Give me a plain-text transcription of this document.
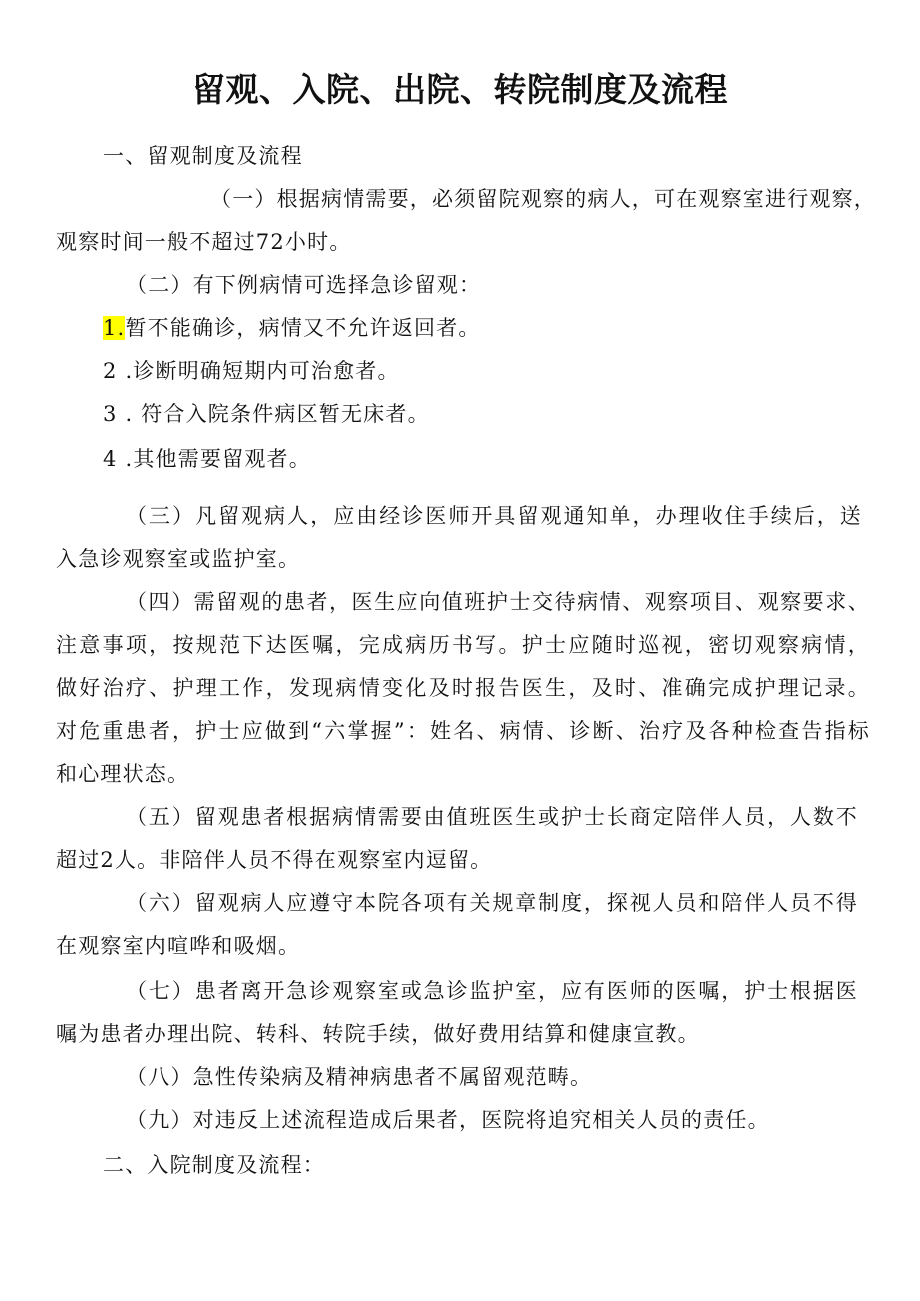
留观、入院、出院、转院制度及流程

一、留观制度及流程

（一）根据病情需要，必须留院观察的病人，可在观察室进行观察，

观察时间一般不超过72小时。

（二）有下例病情可选择急诊留观：

1.暂不能确诊，病情又不允许返回者。

2 .诊断明确短期内可治愈者。

3 . 符合入院条件病区暂无床者。

4 .其他需要留观者。

（三）凡留观病人，应由经诊医师开具留观通知单，办理收住手续后，送

入急诊观察室或监护室。

（四）需留观的患者，医生应向值班护士交待病情、观察项目、观察要求、

注意事项，按规范下达医嘱，完成病历书写。护士应随时巡视，密切观察病情，

做好治疗、护理工作，发现病情变化及时报告医生，及时、准确完成护理记录。

对危重患者，护士应做到“六掌握”：姓名、病情、诊断、治疗及各种检查告指标

和心理状态。

（五）留观患者根据病情需要由值班医生或护士长商定陪伴人员，人数不

超过2人。非陪伴人员不得在观察室内逗留。

（六）留观病人应遵守本院各项有关规章制度，探视人员和陪伴人员不得

在观察室内喧哗和吸烟。

（七）患者离开急诊观察室或急诊监护室，应有医师的医嘱，护士根据医

嘱为患者办理出院、转科、转院手续，做好费用结算和健康宣教。

（八）急性传染病及精神病患者不属留观范畴。

（九）对违反上述流程造成后果者，医院将追究相关人员的责任。

二、入院制度及流程：
